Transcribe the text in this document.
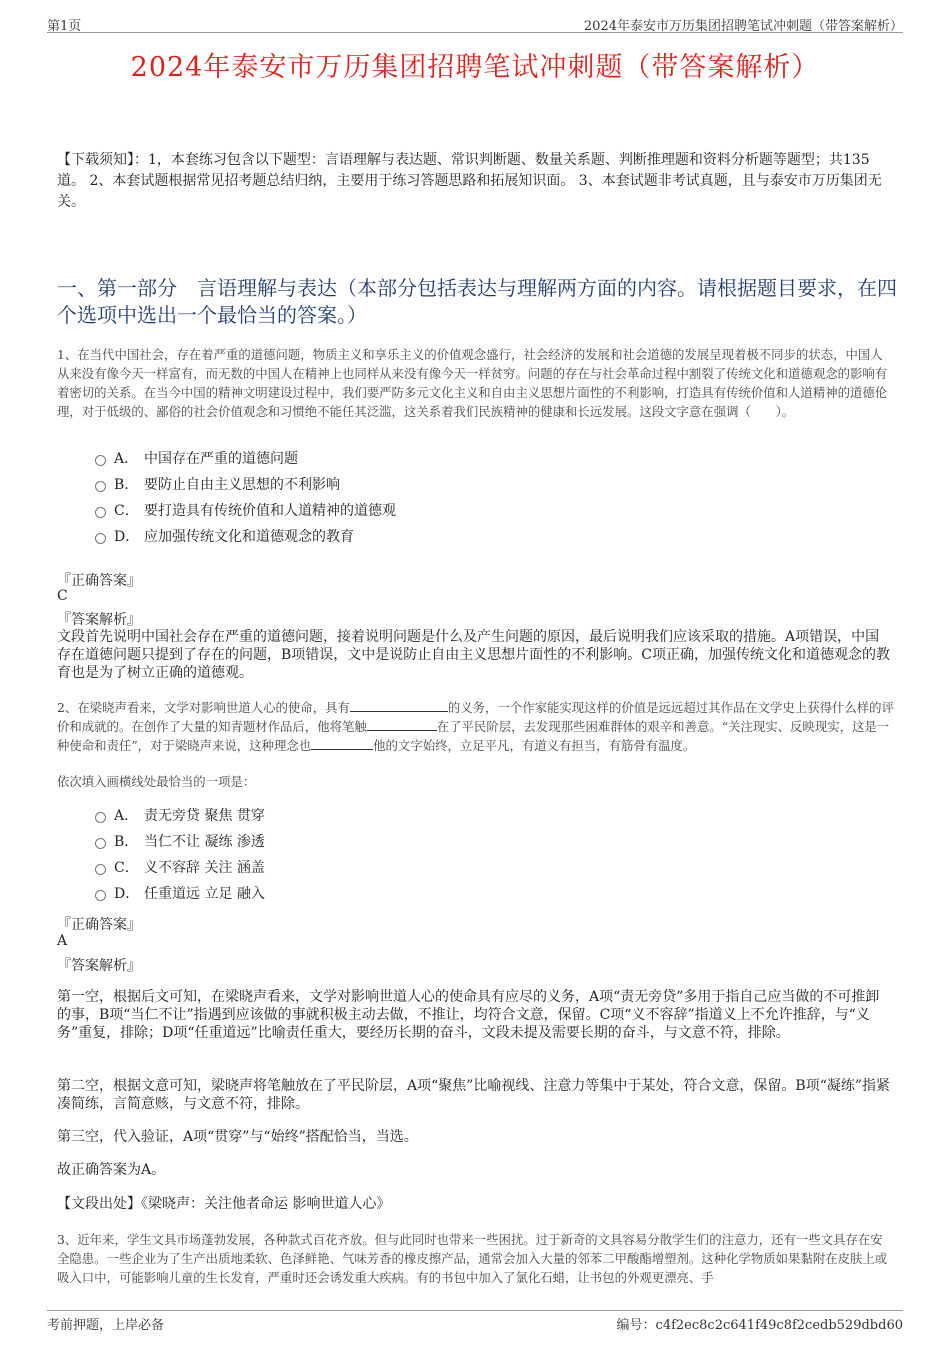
第1页	2024年泰安市万历集团招聘笔试冲刺题（带答案解析）
2024年泰安市万历集团招聘笔试冲刺题（带答案解析）
【下载须知】：1，本套练习包含以下题型：言语理解与表达题、常识判断题、数量关系题、判断推理题和资料分析题等题型；共135道。 2、本套试题根据常见招考题总结归纳，主要用于练习答题思路和拓展知识面。 3、本套试题非考试真题，且与泰安市万历集团无关。
一、第一部分　言语理解与表达（本部分包括表达与理解两方面的内容。请根据题目要求，在四个选项中选出一个最恰当的答案。）
1、在当代中国社会，存在着严重的道德问题，物质主义和享乐主义的价值观念盛行，社会经济的发展和社会道德的发展呈现着极不同步的状态，中国人从来没有像今天一样富有，而无数的中国人在精神上也同样从来没有像今天一样贫穷。问题的存在与社会革命过程中割裂了传统文化和道德观念的影响有着密切的关系。在当今中国的精神文明建设过程中，我们要严防多元文化主义和自由主义思想片面性的不利影响，打造具有传统价值和人道精神的道德伦理，对于低级的、鄙俗的社会价值观念和习惯绝不能任其泛滥，这关系着我们民族精神的健康和长远发展。这段文字意在强调（　　）。
A． 中国存在严重的道德问题
B． 要防止自由主义思想的不利影响
C． 要打造具有传统价值和人道精神的道德观
D． 应加强传统文化和道德观念的教育
『正确答案』
C
『答案解析』
文段首先说明中国社会存在严重的道德问题，接着说明问题是什么及产生问题的原因，最后说明我们应该采取的措施。A项错误，中国存在道德问题只提到了存在的问题，B项错误，文中是说防止自由主义思想片面性的不利影响。C项正确，加强传统文化和道德观念的教育也是为了树立正确的道德观。
2、在梁晓声看来，文学对影响世道人心的使命，具有	的义务，一个作家能实现这样的价值是远远超过其作品在文学史上获得什么样的评价和成就的。在创作了大量的知青题材作品后，他将笔触	在了平民阶层，去发现那些困难群体的艰辛和善意。“关注现实、反映现实，这是一种使命和责任”，对于梁晓声来说，这种理念也	他的文字始终，立足平凡，有道义有担当，有筋骨有温度。
依次填入画横线处最恰当的一项是：
A． 责无旁贷 聚焦 贯穿
B． 当仁不让 凝练 渗透
C． 义不容辞 关注 涵盖
D． 任重道远 立足 融入
『正确答案』
A
『答案解析』
第一空，根据后文可知，在梁晓声看来，文学对影响世道人心的使命具有应尽的义务，A项“责无旁贷”多用于指自己应当做的不可推卸的事，B项“当仁不让”指遇到应该做的事就积极主动去做，不推让，均符合文意，保留。C项“义不容辞”指道义上不允许推辞，与“义务”重复，排除；D项“任重道远”比喻责任重大，要经历长期的奋斗，文段未提及需要长期的奋斗，与文意不符，排除。
第二空，根据文意可知，梁晓声将笔触放在了平民阶层，A项“聚焦”比喻视线、注意力等集中于某处，符合文意，保留。B项“凝练”指紧凑简练，言简意赅，与文意不符，排除。
第三空，代入验证，A项“贯穿”与“始终”搭配恰当，当选。
故正确答案为A。
【文段出处】《梁晓声：关注他者命运 影响世道人心》
3、近年来，学生文具市场蓬勃发展，各种款式百花齐放。但与此同时也带来一些困扰。过于新奇的文具容易分散学生们的注意力，还有一些文具存在安全隐患。一些企业为了生产出质地柔软、色泽鲜艳、气味芳香的橡皮擦产品，通常会加入大量的邻苯二甲酸酯增塑剂。这种化学物质如果黏附在皮肤上或吸入口中，可能影响儿童的生长发育，严重时还会诱发重大疾病。有的书包中加入了氯化石蜡，让书包的外观更漂亮、手
考前押题，上岸必备	编号：c4f2ec8c2c641f49c8f2cedb529dbd60
